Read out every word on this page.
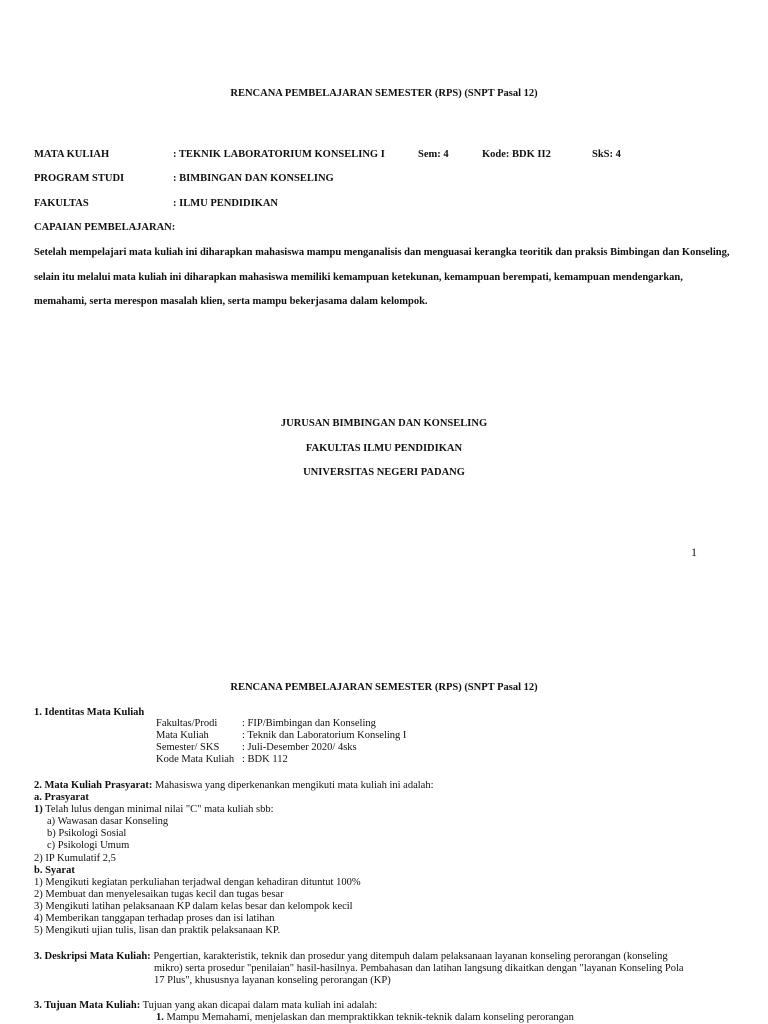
RENCANA PEMBELAJARAN SEMESTER (RPS) (SNPT Pasal 12)
MATA KULIAH	: TEKNIK LABORATORIUM KONSELING I	Sem: 4	Kode: BDK II2	SkS: 4
PROGRAM STUDI	: BIMBINGAN DAN KONSELING
FAKULTAS	: ILMU PENDIDIKAN
CAPAIAN PEMBELAJARAN:
Setelah mempelajari mata kuliah ini diharapkan mahasiswa mampu menganalisis dan menguasai kerangka teoritik dan praksis Bimbingan dan Konseling, selain itu melalui mata kuliah ini diharapkan mahasiswa memiliki kemampuan ketekunan, kemampuan berempati, kemampuan mendengarkan, memahami, serta merespon masalah klien, serta mampu bekerjasama dalam kelompok.
JURUSAN BIMBINGAN DAN KONSELING
FAKULTAS ILMU PENDIDIKAN
UNIVERSITAS NEGERI PADANG
1
RENCANA PEMBELAJARAN SEMESTER (RPS) (SNPT Pasal 12)
1. Identitas Mata Kuliah
Fakultas/Prodi	: FIP/Bimbingan dan Konseling
Mata Kuliah	: Teknik dan Laboratorium Konseling I
Semester/ SKS	: Juli-Desember 2020/ 4sks
Kode Mata Kuliah	: BDK 112
2. Mata Kuliah Prasyarat: Mahasiswa yang diperkenankan mengikuti mata kuliah ini adalah:
a. Prasyarat
1) Telah lulus dengan minimal nilai "C" mata kuliah sbb:
a) Wawasan dasar Konseling
b) Psikologi Sosial
c) Psikologi Umum
2) IP Kumulatif 2,5
b. Syarat
1) Mengikuti kegiatan perkuliahan terjadwal dengan kehadiran dituntut 100%
2) Membuat dan menyelesaikan tugas kecil dan tugas besar
3) Mengikuti latihan pelaksanaan KP dalam kelas besar dan kelompok kecil
4) Memberikan tanggapan terhadap proses dan isi latihan
5) Mengikuti ujian tulis, lisan dan praktik pelaksanaan KP.
3. Deskripsi Mata Kuliah: Pengertian, karakteristik, teknik dan prosedur yang ditempuh dalam pelaksanaan layanan konseling perorangan (konseling
mikro) serta prosedur "penilaian" hasil-hasilnya. Pembahasan dan latihan langsung dikaitkan dengan "layanan Konseling Pola
17 Plus", khususnya layanan konseling perorangan (KP)
3. Tujuan Mata Kuliah: Tujuan yang akan dicapai dalam mata kuliah ini adalah:
1. Mampu Memahami, menjelaskan dan mempraktikkan teknik-teknik dalam konseling perorangan
